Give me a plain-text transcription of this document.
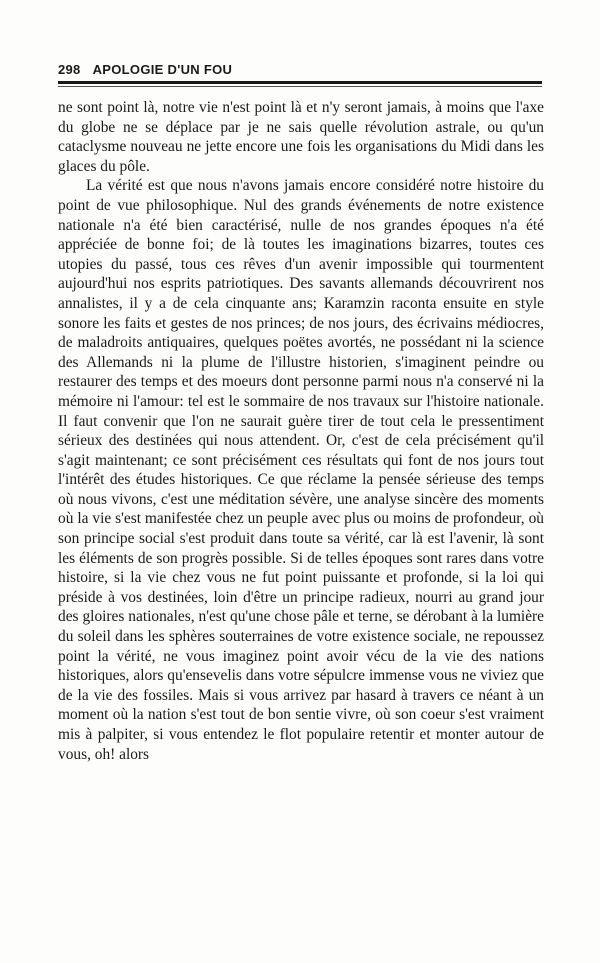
298 APOLOGIE D'UN FOU

ne sont point là, notre vie n'est point là et n'y seront jamais, à moins que l'axe du globe ne se déplace par je ne sais quelle révolution astrale, ou qu'un cataclysme nouveau ne jette encore une fois les organisations du Midi dans les glaces du pôle.

La vérité est que nous n'avons jamais encore considéré notre histoire du point de vue philosophique. Nul des grands événements de notre existence nationale n'a été bien caractérisé, nulle de nos grandes époques n'a été appréciée de bonne foi; de là toutes les imaginations bizarres, toutes ces utopies du passé, tous ces rêves d'un avenir impossible qui tourmentent aujourd'hui nos esprits patriotiques. Des savants allemands découvrirent nos annalistes, il y a de cela cinquante ans; Karamzin raconta ensuite en style sonore les faits et gestes de nos princes; de nos jours, des écrivains médiocres, de maladroits antiquaires, quelques poëtes avortés, ne possédant ni la science des Allemands ni la plume de l'illustre historien, s'imaginent peindre ou restaurer des temps et des moeurs dont personne parmi nous n'a conservé ni la mémoire ni l'amour: tel est le sommaire de nos travaux sur l'histoire nationale. Il faut convenir que l'on ne saurait guère tirer de tout cela le pressentiment sérieux des destinées qui nous attendent. Or, c'est de cela précisément qu'il s'agit maintenant; ce sont précisément ces résultats qui font de nos jours tout l'intérêt des études historiques. Ce que réclame la pensée sérieuse des temps où nous vivons, c'est une méditation sévère, une analyse sincère des moments où la vie s'est manifestée chez un peuple avec plus ou moins de profondeur, où son principe social s'est produit dans toute sa vérité, car là est l'avenir, là sont les éléments de son progrès possible. Si de telles époques sont rares dans votre histoire, si la vie chez vous ne fut point puissante et profonde, si la loi qui préside à vos destinées, loin d'être un principe radieux, nourri au grand jour des gloires nationales, n'est qu'une chose pâle et terne, se dérobant à la lumière du soleil dans les sphères souterraines de votre existence sociale, ne repoussez point la vérité, ne vous imaginez point avoir vécu de la vie des nations historiques, alors qu'ensevelis dans votre sépulcre immense vous ne viviez que de la vie des fossiles. Mais si vous arrivez par hasard à travers ce néant à un moment où la nation s'est tout de bon sentie vivre, où son coeur s'est vraiment mis à palpiter, si vous entendez le flot populaire retentir et monter autour de vous, oh! alors
